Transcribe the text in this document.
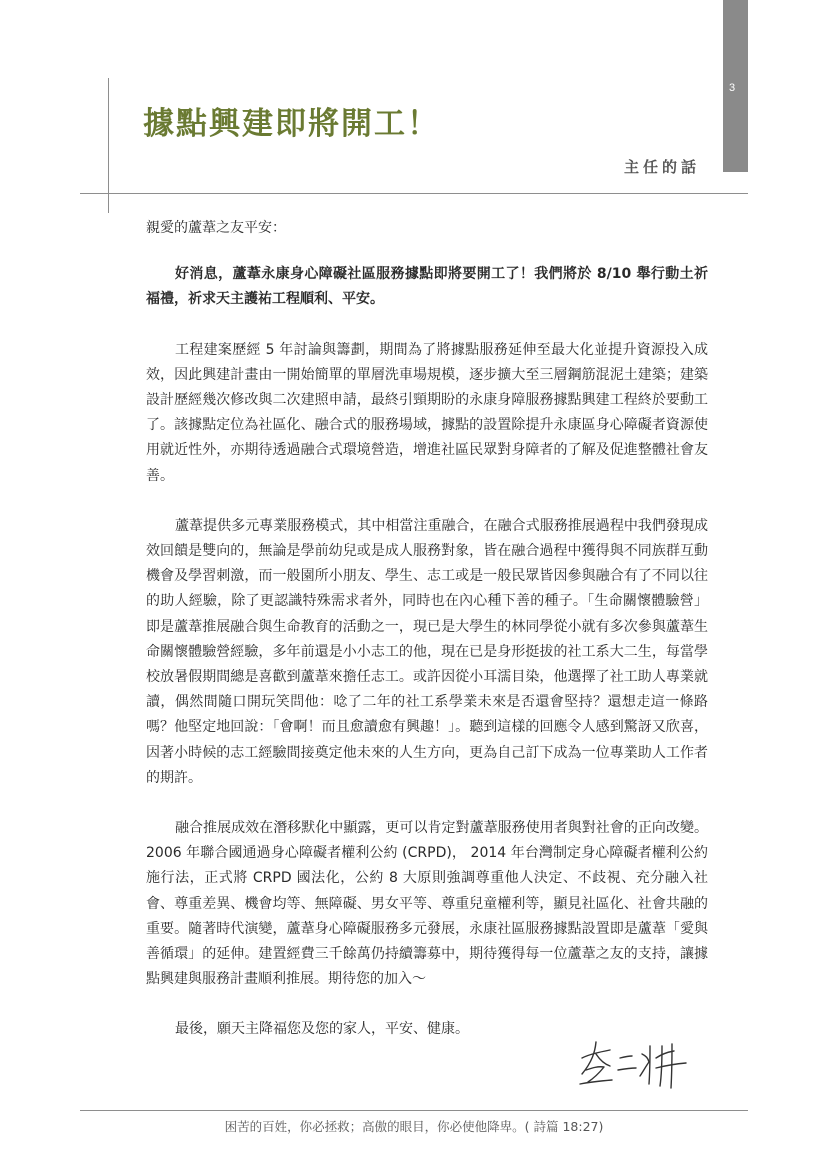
3
據點興建即將開工！
主任的話

親愛的蘆葦之友平安：

好消息，蘆葦永康身心障礙社區服務據點即將要開工了！我們將於 8/10 舉行動土祈福禮，祈求天主護祐工程順利、平安。

工程建案歷經 5 年討論與籌劃，期間為了將據點服務延伸至最大化並提升資源投入成效，因此興建計畫由一開始簡單的單層洗車場規模，逐步擴大至三層鋼筋混泥土建築；建築設計歷經幾次修改與二次建照申請，最終引頸期盼的永康身障服務據點興建工程終於要動工了。該據點定位為社區化、融合式的服務場域，據點的設置除提升永康區身心障礙者資源使用就近性外，亦期待透過融合式環境營造，增進社區民眾對身障者的了解及促進整體社會友善。

蘆葦提供多元專業服務模式，其中相當注重融合，在融合式服務推展過程中我們發現成效回饋是雙向的，無論是學前幼兒或是成人服務對象，皆在融合過程中獲得與不同族群互動機會及學習刺激，而一般園所小朋友、學生、志工或是一般民眾皆因參與融合有了不同以往的助人經驗，除了更認識特殊需求者外，同時也在內心種下善的種子。「生命關懷體驗營」即是蘆葦推展融合與生命教育的活動之一，現已是大學生的林同學從小就有多次參與蘆葦生命關懷體驗營經驗，多年前還是小小志工的他，現在已是身形挺拔的社工系大二生，每當學校放暑假期間總是喜歡到蘆葦來擔任志工。或許因從小耳濡目染，他選擇了社工助人專業就讀，偶然間隨口開玩笑問他：唸了二年的社工系學業未來是否還會堅持？還想走這一條路嗎？他堅定地回說：「會啊！而且愈讀愈有興趣！」。聽到這樣的回應令人感到驚訝又欣喜，因著小時候的志工經驗間接奠定他未來的人生方向，更為自己訂下成為一位專業助人工作者的期許。

融合推展成效在潛移默化中顯露，更可以肯定對蘆葦服務使用者與對社會的正向改變。2006 年聯合國通過身心障礙者權利公約 (CRPD)， 2014 年台灣制定身心障礙者權利公約施行法，正式將 CRPD 國法化，公約 8 大原則強調尊重他人決定、不歧視、充分融入社會、尊重差異、機會均等、無障礙、男女平等、尊重兒童權利等，顯見社區化、社會共融的重要。隨著時代演變，蘆葦身心障礙服務多元發展，永康社區服務據點設置即是蘆葦「愛與善循環」的延伸。建置經費三千餘萬仍持續籌募中，期待獲得每一位蘆葦之友的支持，讓據點興建與服務計畫順利推展。期待您的加入～

最後，願天主降福您及您的家人，平安、健康。

困苦的百姓，你必拯救；高傲的眼目，你必使他降卑。( 詩篇 18:27)
